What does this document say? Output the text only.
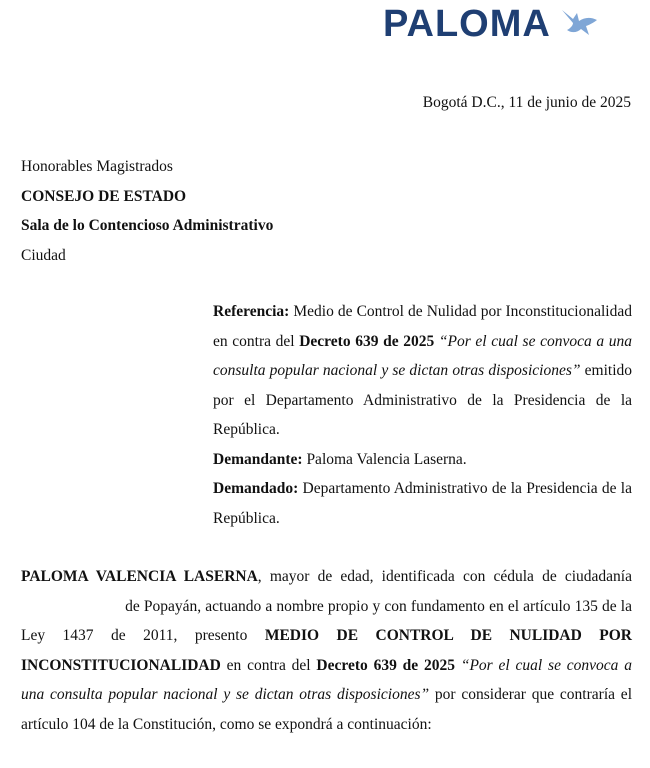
PALOMA
Bogotá D.C., 11 de junio de 2025
Honorables Magistrados
CONSEJO DE ESTADO
Sala de lo Contencioso Administrativo
Ciudad

Referencia: Medio de Control de Nulidad por Inconstitucionalidad en contra del Decreto 639 de 2025 “Por el cual se convoca a una consulta popular nacional y se dictan otras disposiciones” emitido por el Departamento Administrativo de la Presidencia de la República.

Demandante: Paloma Valencia Laserna.

Demandado: Departamento Administrativo de la Presidencia de la República.

PALOMA VALENCIA LASERNA, mayor de edad, identificada con cédula de ciudadanía  de Popayán, actuando a nombre propio y con fundamento en el artículo 135 de la Ley 1437 de 2011, presento MEDIO DE CONTROL DE NULIDAD POR INCONSTITUCIONALIDAD en contra del Decreto 639 de 2025 “Por el cual se convoca a una consulta popular nacional y se dictan otras disposiciones” por considerar que contraría el artículo 104 de la Constitución, como se expondrá a continuación:
